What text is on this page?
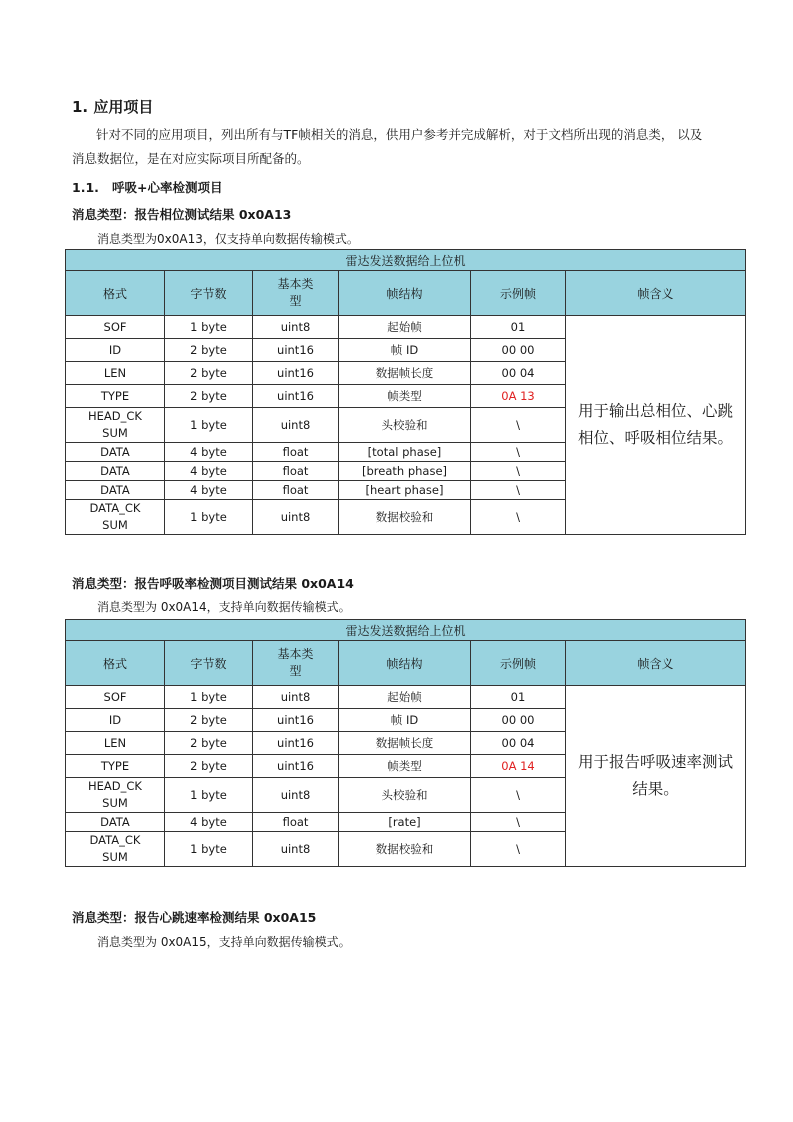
1. 应用项目
针对不同的应用项目，列出所有与TF帧相关的消息，供用户参考并完成解析，对于文档所出现的消息类， 以及
消息数据位，是在对应实际项目所配备的。
1.1. 呼吸+心率检测项目
消息类型：报告相位测试结果 0x0A13
消息类型为0x0A13，仅支持单向数据传输模式。
雷达发送数据给上位机					
格式	字节数	基本类
型	帧结构	示例帧	帧含义
SOF	1 byte	uint8	起始帧	01	用于输出总相位、心跳
相位、呼吸相位结果。
ID	2 byte	uint16	帧 ID	00 00	
LEN	2 byte	uint16	数据帧长度	00 04	
TYPE	2 byte	uint16	帧类型	0A 13	
HEAD_CK
SUM	1 byte	uint8	头校验和	\	
DATA	4 byte	float	[total phase]	\	
DATA	4 byte	float	[breath phase]	\	
DATA	4 byte	float	[heart phase]	\	
DATA_CK
SUM	1 byte	uint8	数据校验和	\	
消息类型：报告呼吸率检测项目测试结果 0x0A14
消息类型为 0x0A14，支持单向数据传输模式。
雷达发送数据给上位机					
格式	字节数	基本类
型	帧结构	示例帧	帧含义
SOF	1 byte	uint8	起始帧	01	用于报告呼吸速率测试
结果。
ID	2 byte	uint16	帧 ID	00 00	
LEN	2 byte	uint16	数据帧长度	00 04	
TYPE	2 byte	uint16	帧类型	0A 14	
HEAD_CK
SUM	1 byte	uint8	头校验和	\	
DATA	4 byte	float	[rate]	\	
DATA_CK
SUM	1 byte	uint8	数据校验和	\	
消息类型：报告心跳速率检测结果 0x0A15
消息类型为 0x0A15，支持单向数据传输模式。
